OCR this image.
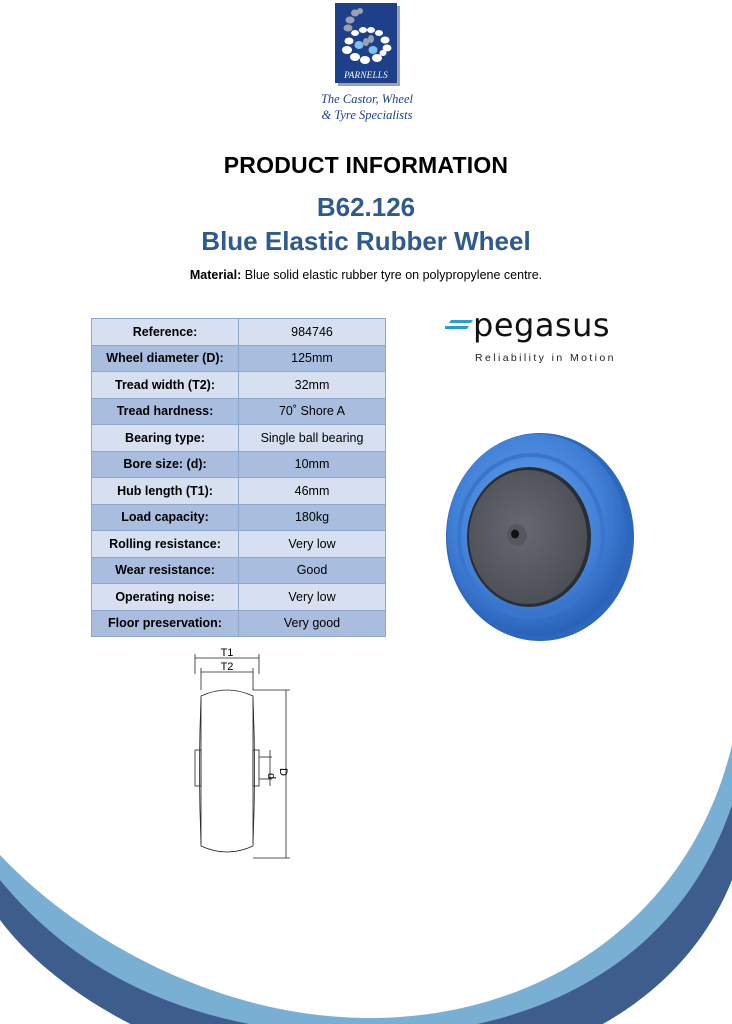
PARNELLS
The Castor, Wheel
& Tyre Specialists
PRODUCT INFORMATION
B62.126
Blue Elastic Rubber Wheel
Material: Blue solid elastic rubber tyre on polypropylene centre.
Reference:	984746
Wheel diameter (D):	125mm
Tread width (T2):	32mm
Tread hardness:	70˚ Shore A
Bearing type:	Single ball bearing
Bore size: (d):	10mm
Hub length (T1):	46mm
Load capacity:	180kg
Rolling resistance:	Very low
Wear resistance:	Good
Operating noise:	Very low
Floor preservation:	Very good
pegasus
Reliability in Motion
T1
T2
d
D
